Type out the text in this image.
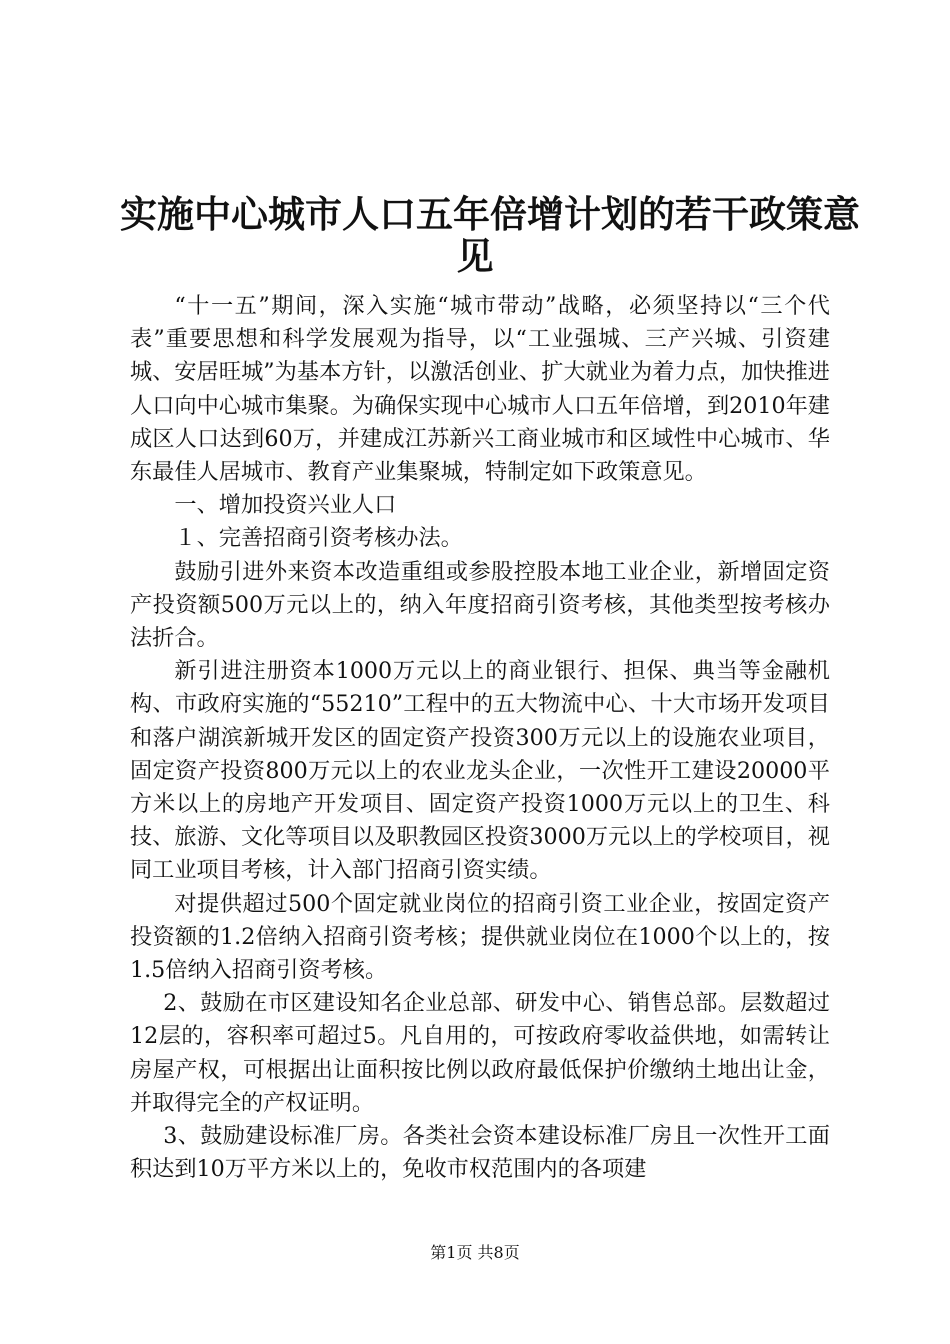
实施中心城市人口五年倍增计划的若干政策意
见

“十一五”期间，深入实施“城市带动”战略，必须坚持以“三个代表”重要思想和科学发展观为指导，以“工业强城、三产兴城、引资建城、安居旺城”为基本方针，以激活创业、扩大就业为着力点，加快推进人口向中心城市集聚。为确保实现中心城市人口五年倍增，到2010年建成区人口达到60万，并建成江苏新兴工商业城市和区域性中心城市、华东最佳人居城市、教育产业集聚城，特制定如下政策意见。

一、增加投资兴业人口

１、完善招商引资考核办法。

鼓励引进外来资本改造重组或参股控股本地工业企业，新增固定资产投资额500万元以上的，纳入年度招商引资考核，其他类型按考核办法折合。

新引进注册资本1000万元以上的商业银行、担保、典当等金融机构、市政府实施的“55210”工程中的五大物流中心、十大市场开发项目和落户湖滨新城开发区的固定资产投资300万元以上的设施农业项目，固定资产投资800万元以上的农业龙头企业，一次性开工建设20000平方米以上的房地产开发项目、固定资产投资1000万元以上的卫生、科技、旅游、文化等项目以及职教园区投资3000万元以上的学校项目，视同工业项目考核，计入部门招商引资实绩。

对提供超过500个固定就业岗位的招商引资工业企业，按固定资产投资额的1.2倍纳入招商引资考核；提供就业岗位在1000个以上的，按1.5倍纳入招商引资考核。

2、鼓励在市区建设知名企业总部、研发中心、销售总部。层数超过12层的，容积率可超过5。凡自用的，可按政府零收益供地，如需转让房屋产权，可根据出让面积按比例以政府最低保护价缴纳土地出让金，并取得完全的产权证明。

3、鼓励建设标准厂房。各类社会资本建设标准厂房且一次性开工面积达到10万平方米以上的，免收市权范围内的各项建

第1页 共8页
